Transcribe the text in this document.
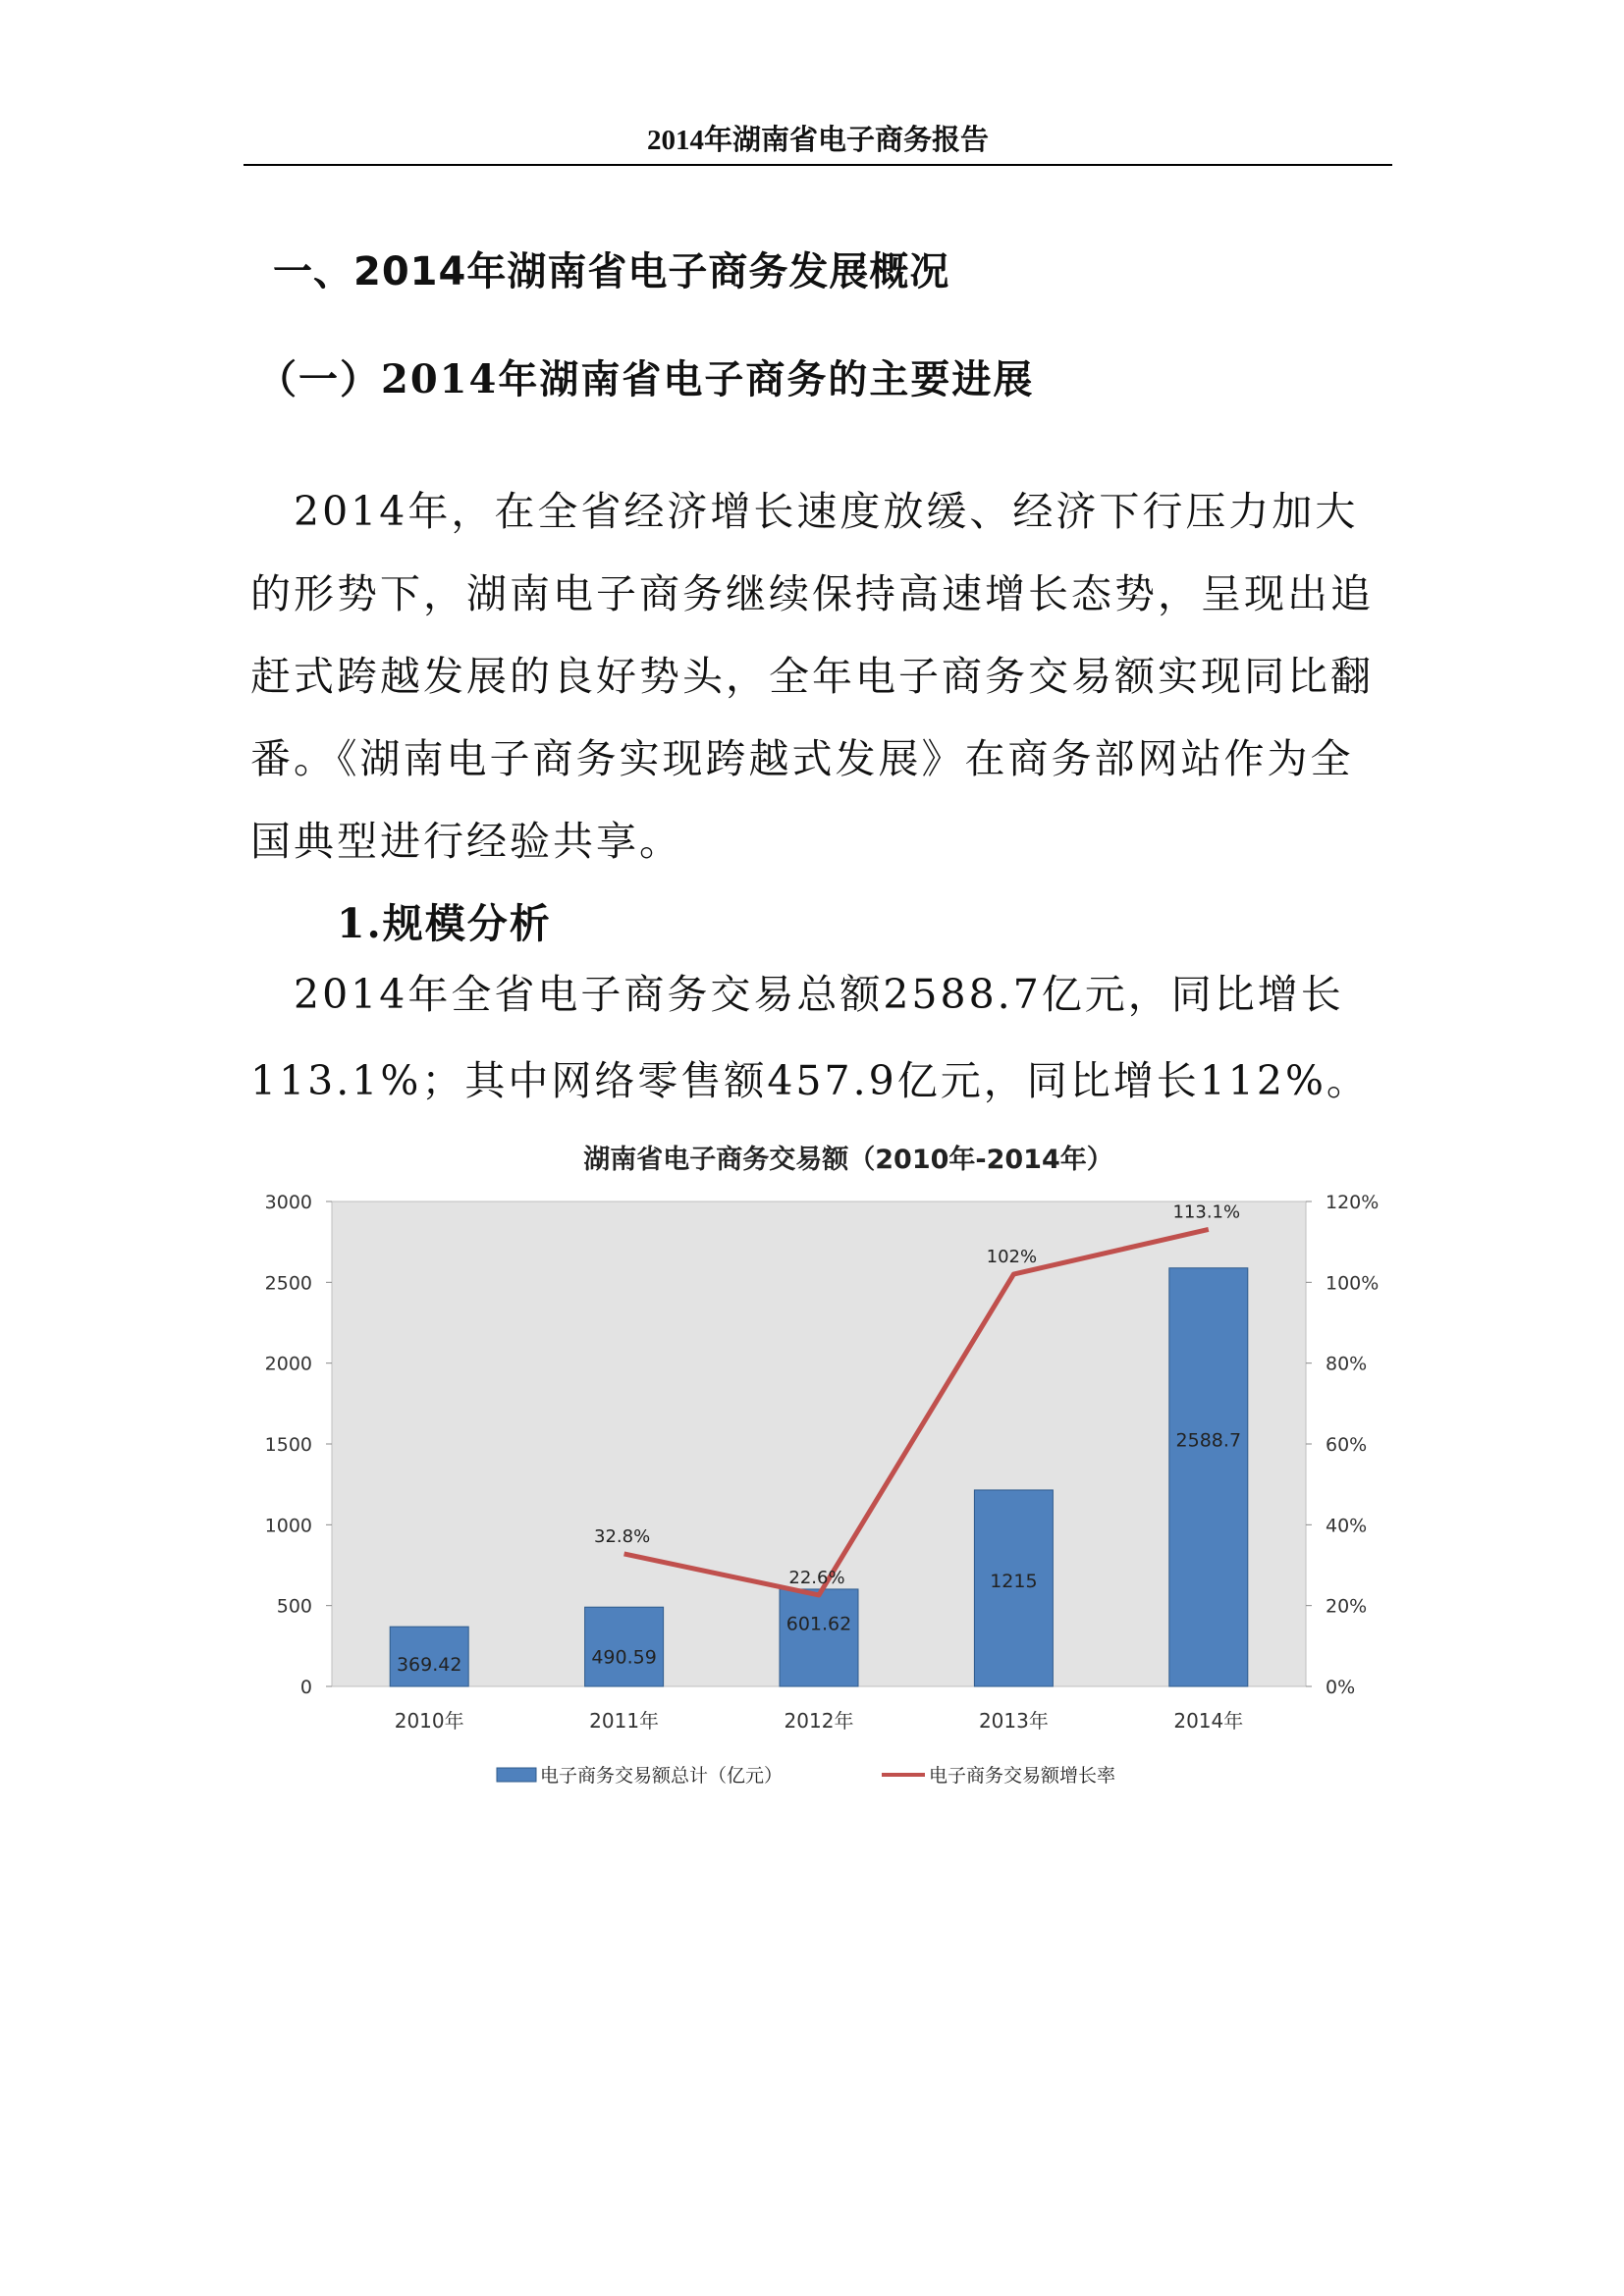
2014年湖南省电子商务报告
一、2014年湖南省电子商务发展概况
（一）2014年湖南省电子商务的主要进展
　2014年，在全省经济增长速度放缓、经济下行压力加大
的形势下，湖南电子商务继续保持高速增长态势，呈现出追
赶式跨越发展的良好势头，全年电子商务交易额实现同比翻
番。《湖南电子商务实现跨越式发展》在商务部网站作为全
国典型进行经验共享。
1.规模分析
　2014年全省电子商务交易总额2588.7亿元，同比增长
113.1%；其中网络零售额457.9亿元，同比增长112%。
湖南省电子商务交易额（2010年-2014年）
0
500
1000
1500
2000
2500
3000
0%
20%
40%
60%
80%
100%
120%
369.42	490.59
601.62
1215
2588.7
2010年	2011年	2012年	2013年	2014年
32.8%
22.6%
102%
113.1%
电子商务交易额总计（亿元）	电子商务交易额增长率
